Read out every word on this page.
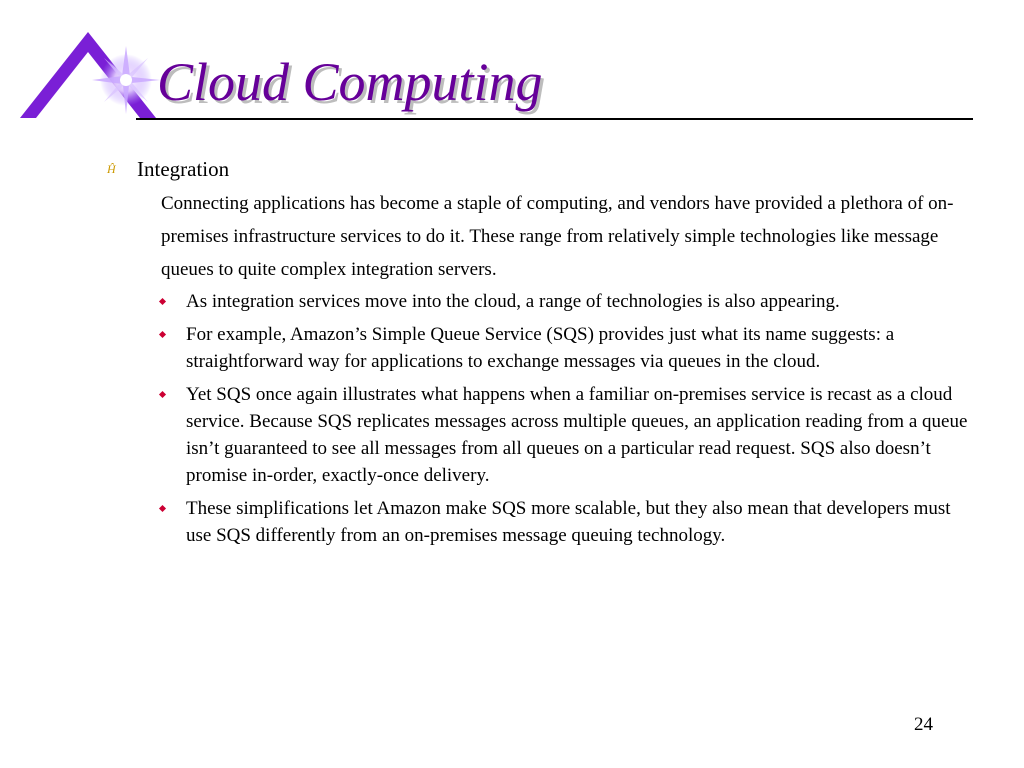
Cloud Computing
Ĥ	Integration

Connecting applications has become a staple of computing, and vendors have provided a plethora of on-premises infrastructure services to do it. These range from relatively simple technologies like message queues to quite complex integration servers.

As integration services move into the cloud, a range of technologies is also appearing.
For example, Amazon’s Simple Queue Service (SQS) provides just what its name suggests: a straightforward way for applications to exchange messages via queues in the cloud.
Yet SQS once again illustrates what happens when a familiar on-premises service is recast as a cloud service. Because SQS replicates messages across multiple queues, an application reading from a queue isn’t guaranteed to see all messages from all queues on a particular read request. SQS also doesn’t promise in-order, exactly-once delivery.
These simplifications let Amazon make SQS more scalable, but they also mean that developers must use SQS differently from an on-premises message queuing technology.
24
